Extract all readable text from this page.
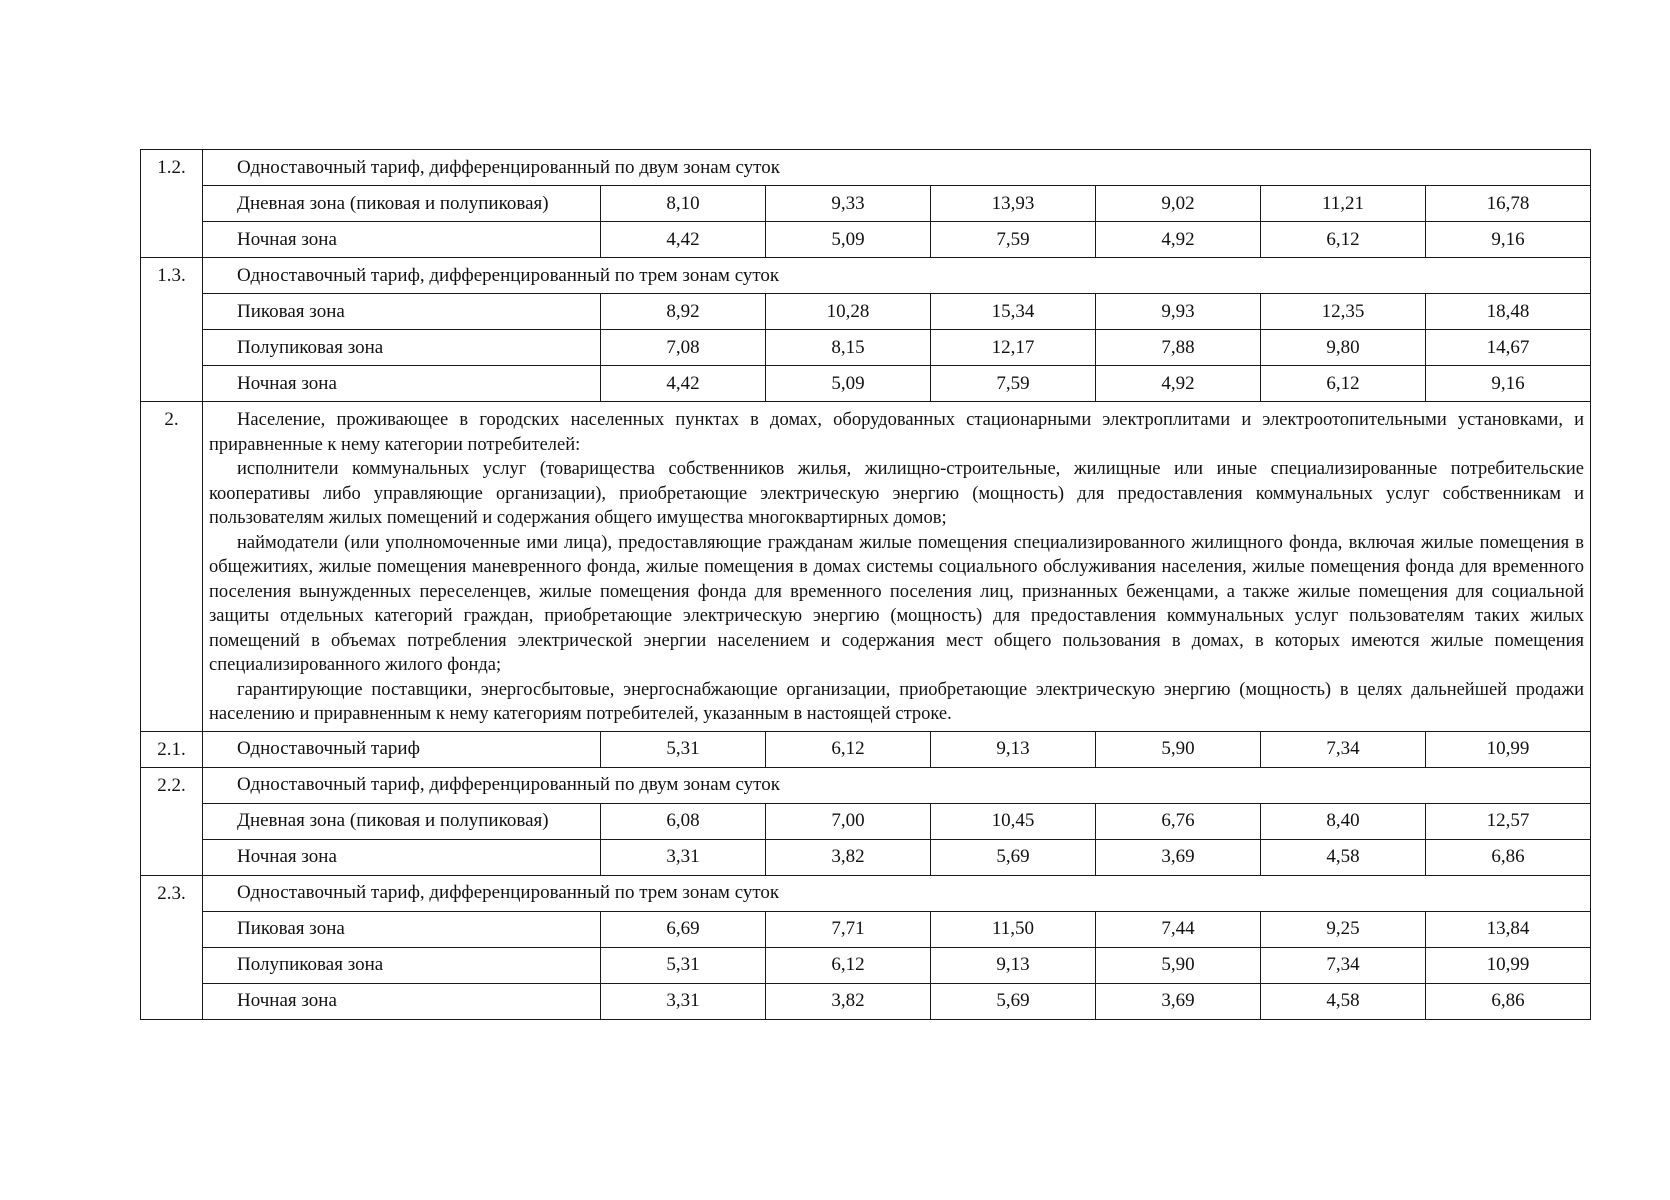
1.2.	Одноставочный тариф, дифференцированный по двум зонам суток						
	Дневная зона (пиковая и полупиковая)	8,10	9,33	13,93	9,02	11,21	16,78
	Ночная зона	4,42	5,09	7,59	4,92	6,12	9,16
1.3.	Одноставочный тариф, дифференцированный по трем зонам суток						
	Пиковая зона	8,92	10,28	15,34	9,93	12,35	18,48
	Полупиковая зона	7,08	8,15	12,17	7,88	9,80	14,67
	Ночная зона	4,42	5,09	7,59	4,92	6,12	9,16
2.	Население, проживающее в городских населенных пунктах в домах, оборудованных стационарными электроплитами и электроотопительными установками, и приравненные к нему категории потребителей:

исполнители коммунальных услуг (товарищества собственников жилья, жилищно-строительные, жилищные или иные специализированные потребительские кооперативы либо управляющие организации), приобретающие электрическую энергию (мощность) для предоставления коммунальных услуг собственникам и пользователям жилых помещений и содержания общего имущества многоквартирных домов;

наймодатели (или уполномоченные ими лица), предоставляющие гражданам жилые помещения специализированного жилищного фонда, включая жилые помещения в общежитиях, жилые помещения маневренного фонда, жилые помещения в домах системы социального обслуживания населения, жилые помещения фонда для временного поселения вынужденных переселенцев, жилые помещения фонда для временного поселения лиц, признанных беженцами, а также жилые помещения для социальной защиты отдельных категорий граждан, приобретающие электрическую энергию (мощность) для предоставления коммунальных услуг пользователям таких жилых помещений в объемах потребления электрической энергии населением и содержания мест общего пользования в домах, в которых имеются жилые помещения специализированного жилого фонда;

гарантирующие поставщики, энергосбытовые, энергоснабжающие организации, приобретающие электрическую энергию (мощность) в целях дальнейшей продажи населению и приравненным к нему категориям потребителей, указанным в настоящей строке.						

2.1.	Одноставочный тариф	5,31	6,12	9,13	5,90	7,34	10,99
2.2.	Одноставочный тариф, дифференцированный по двум зонам суток						
	Дневная зона (пиковая и полупиковая)	6,08	7,00	10,45	6,76	8,40	12,57
	Ночная зона	3,31	3,82	5,69	3,69	4,58	6,86
2.3.	Одноставочный тариф, дифференцированный по трем зонам суток						
	Пиковая зона	6,69	7,71	11,50	7,44	9,25	13,84
	Полупиковая зона	5,31	6,12	9,13	5,90	7,34	10,99
	Ночная зона	3,31	3,82	5,69	3,69	4,58	6,86
